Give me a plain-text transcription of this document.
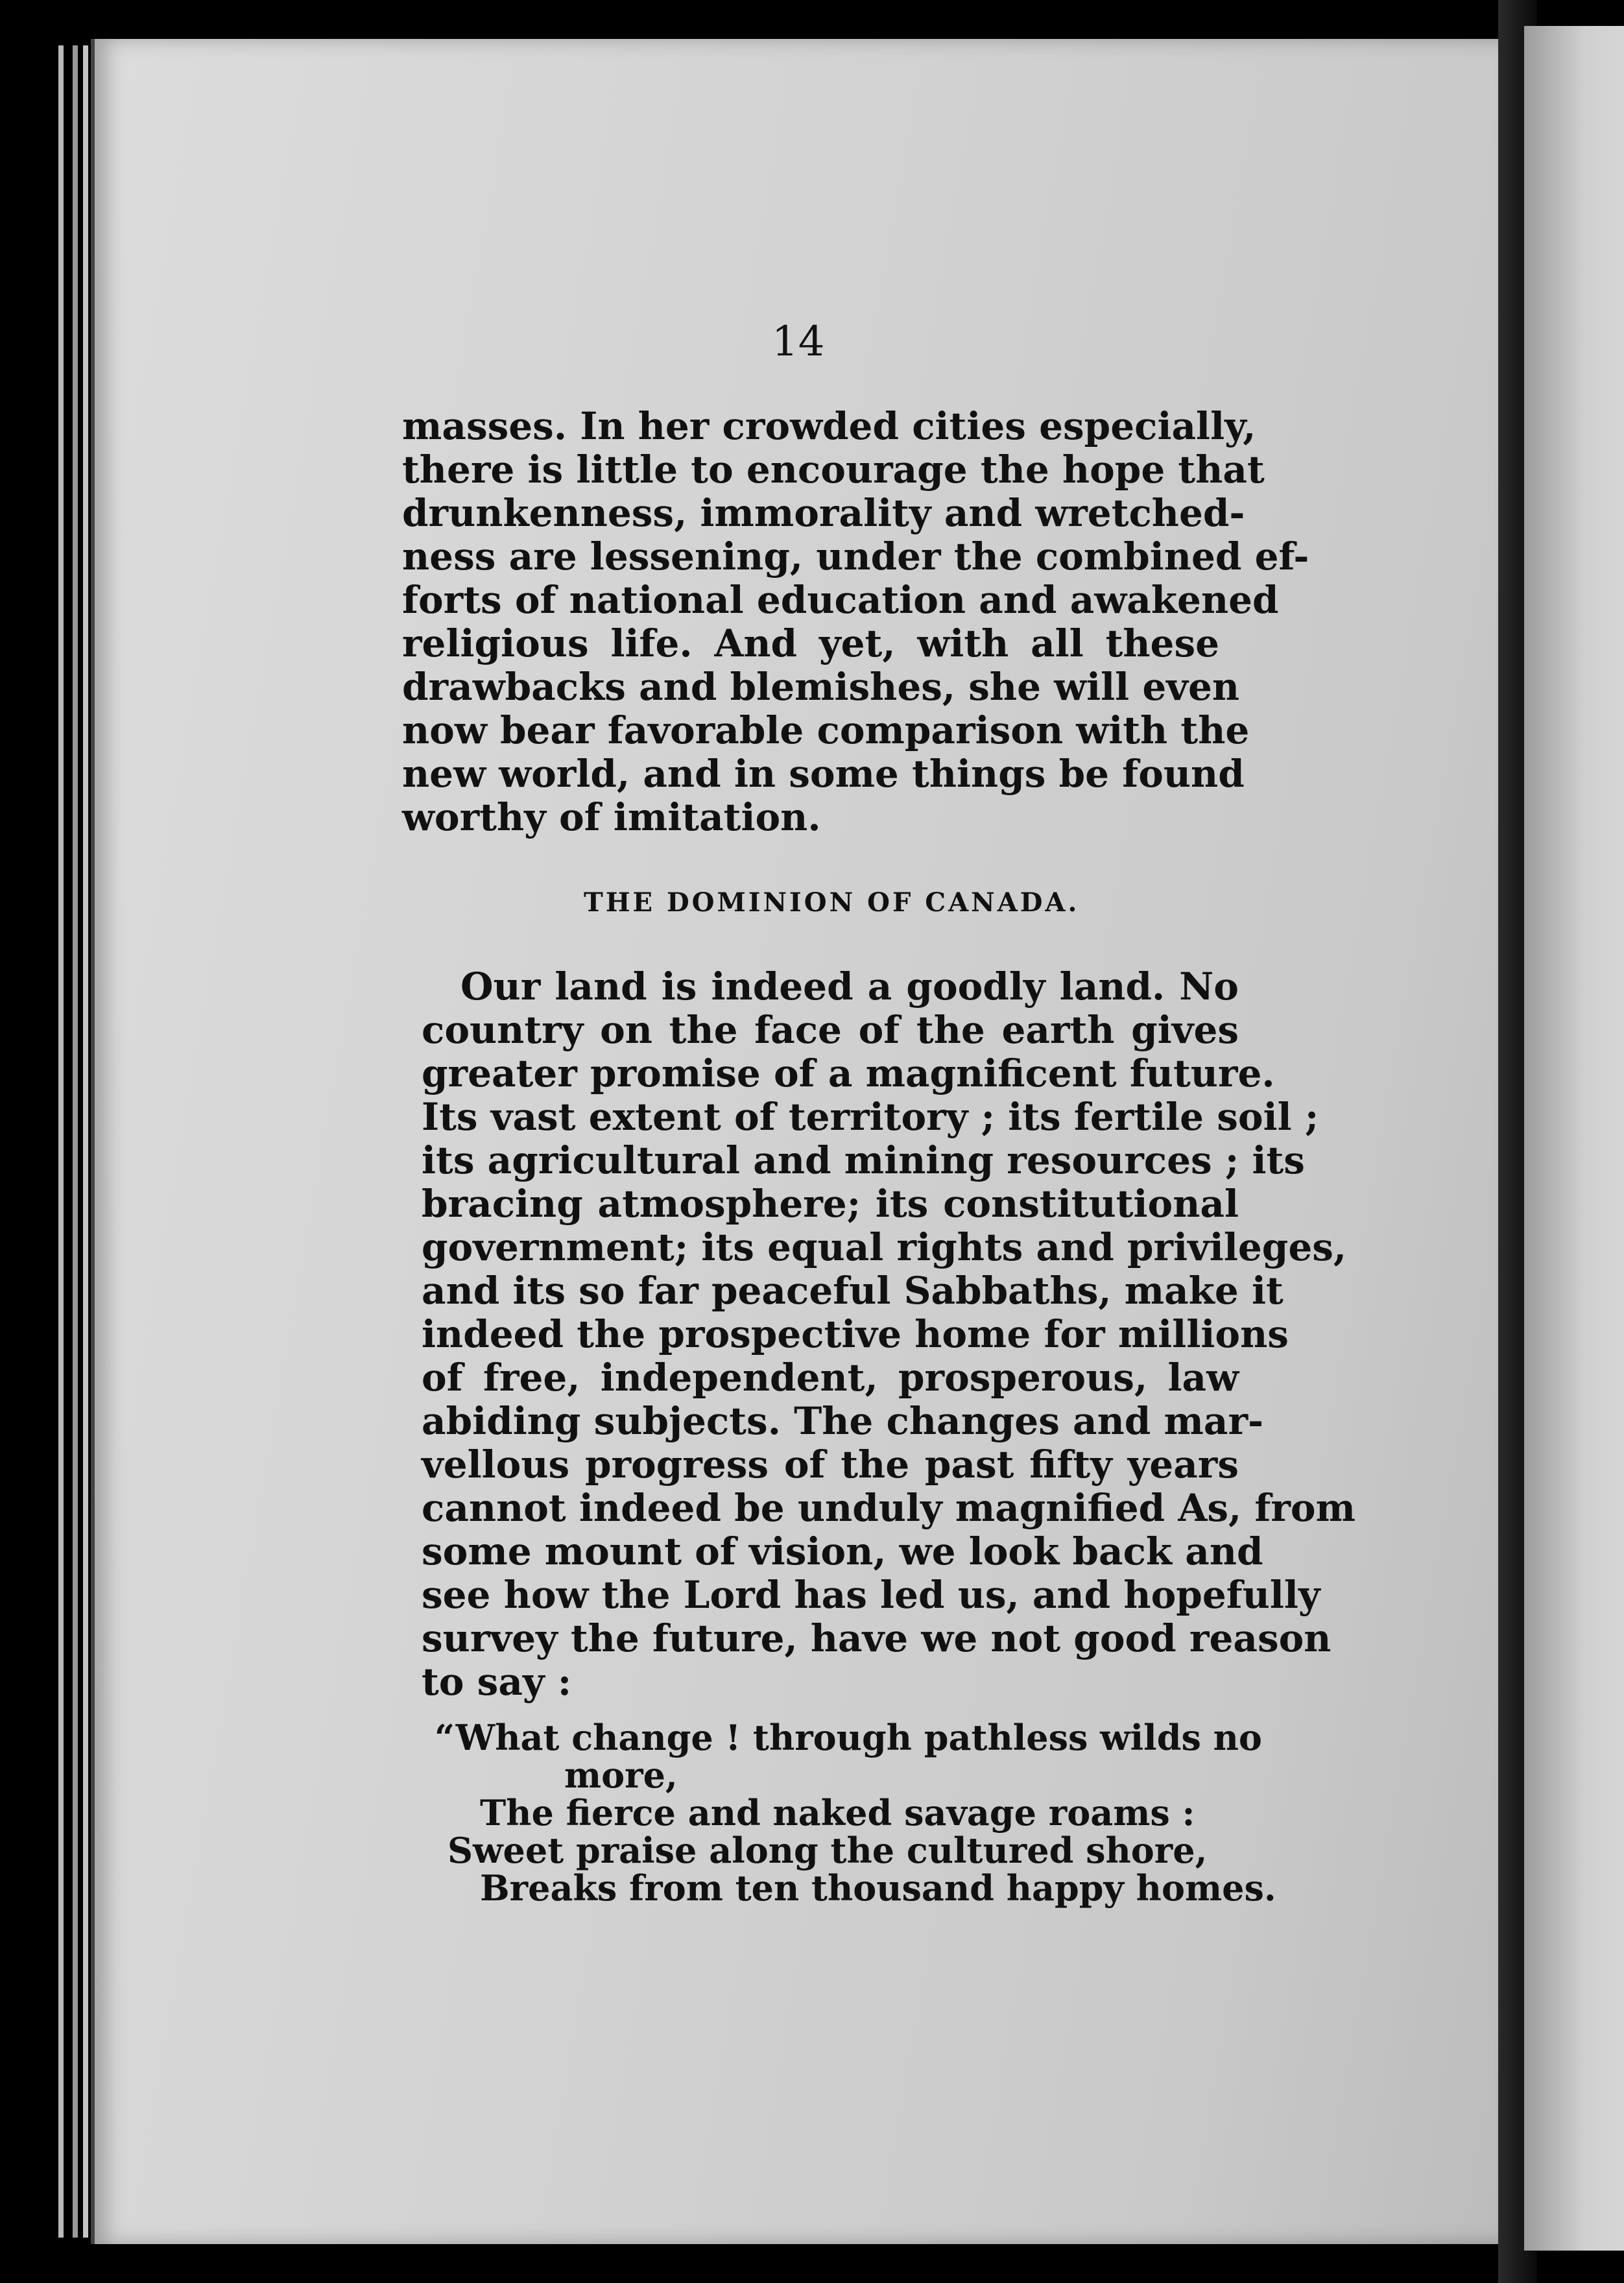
14
masses. In her crowded cities especially,
there is little to encourage the hope that
drunkenness, immorality and wretched-
ness are lessening, under the combined ef-
forts of national education and awakened
religious life. And yet, with all these
drawbacks and blemishes, she will even
now bear favorable comparison with the
new world, and in some things be found
worthy of imitation.
THE DOMINION OF CANADA.
Our land is indeed a goodly land. No
country on the face of the earth gives
greater promise of a magnificent future.
Its vast extent of territory ; its fertile soil ;
its agricultural and mining resources ; its
bracing atmosphere; its constitutional
government; its equal rights and privileges,
and its so far peaceful Sabbaths, make it
indeed the prospective home for millions
of free, independent, prosperous, law
abiding subjects. The changes and mar-
vellous progress of the past fifty years
cannot indeed be unduly magnified As, from
some mount of vision, we look back and
see how the Lord has led us, and hopefully
survey the future, have we not good reason
to say :
“What change ! through pathless wilds no
more,
The fierce and naked savage roams :
Sweet praise along the cultured shore,
Breaks from ten thousand happy homes.
